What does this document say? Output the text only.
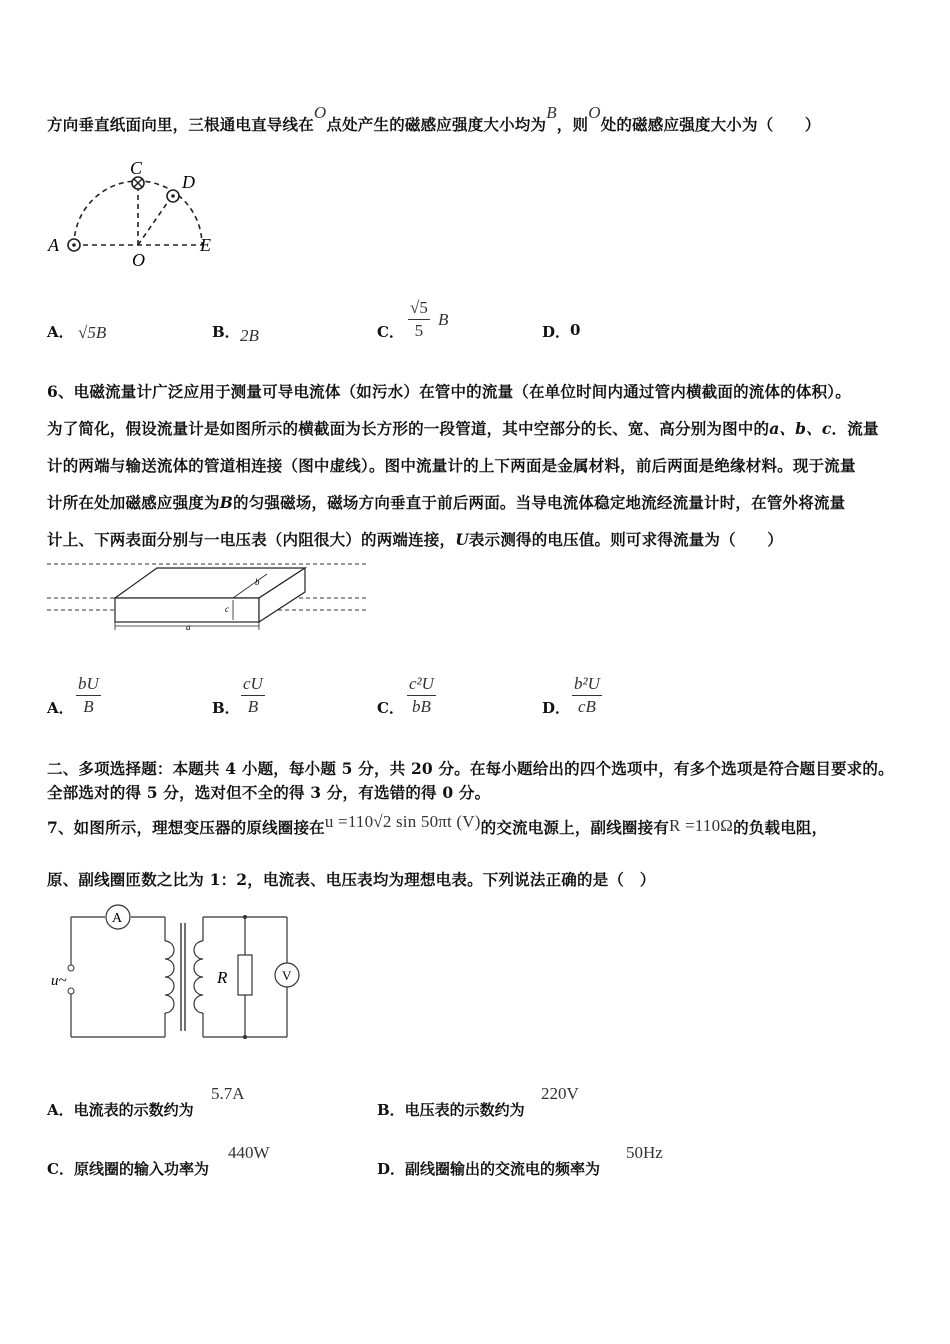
方向垂直纸面向里，三根通电直导线在O点处产生的磁感应强度大小均为B，则O处的磁感应强度大小为（　　）
A
C
D
O
E
A． √5B	B． 2B	C． $\frac{√5}{5}$ B
D． 0
6、电磁流量计广泛应用于测量可导电流体（如污水）在管中的流量（在单位时间内通过管内横截面的流体的体积）。
为了简化，假设流量计是如图所示的横截面为长方形的一段管道，其中空部分的长、宽、高分别为图中的a、b、c．流量
计的两端与输送流体的管道相连接（图中虚线）。图中流量计的上下两面是金属材料，前后两面是绝缘材料。现于流量
计所在处加磁感应强度为B的匀强磁场，磁场方向垂直于前后两面。当导电流体稳定地流经流量计时，在管外将流量
计上、下两表面分别与一电压表（内阻很大）的两端连接，U表示测得的电压值。则可求得流量为（　　）
a
b
c
A． $\frac{bU}{B}$	B． $\frac{cU}{B}$	C． $\frac{\text{c²U}}{bB}$	D． $\frac{\text{b²U}}{cB}$
二、多项选择题：本题共 4 小题，每小题 5 分，共 20 分。在每小题给出的四个选项中，有多个选项是符合题目要求的。
全部选对的得 5 分，选对但不全的得 3 分，有选错的得 0 分。
7、如图所示，理想变压器的原线圈接在u =110√2 sin 50πt (V)的交流电源上，副线圈接有R =110Ω的负载电阻，
原、副线圈匝数之比为 1：2，电流表、电压表均为理想电表。下列说法正确的是（　）
A
u~	R	V
A．电流表的示数约为
5.7A
B．电压表的示数约为
220V
C．原线圈的输入功率为
440W
D．副线圈输出的交流电的频率为
50Hz
